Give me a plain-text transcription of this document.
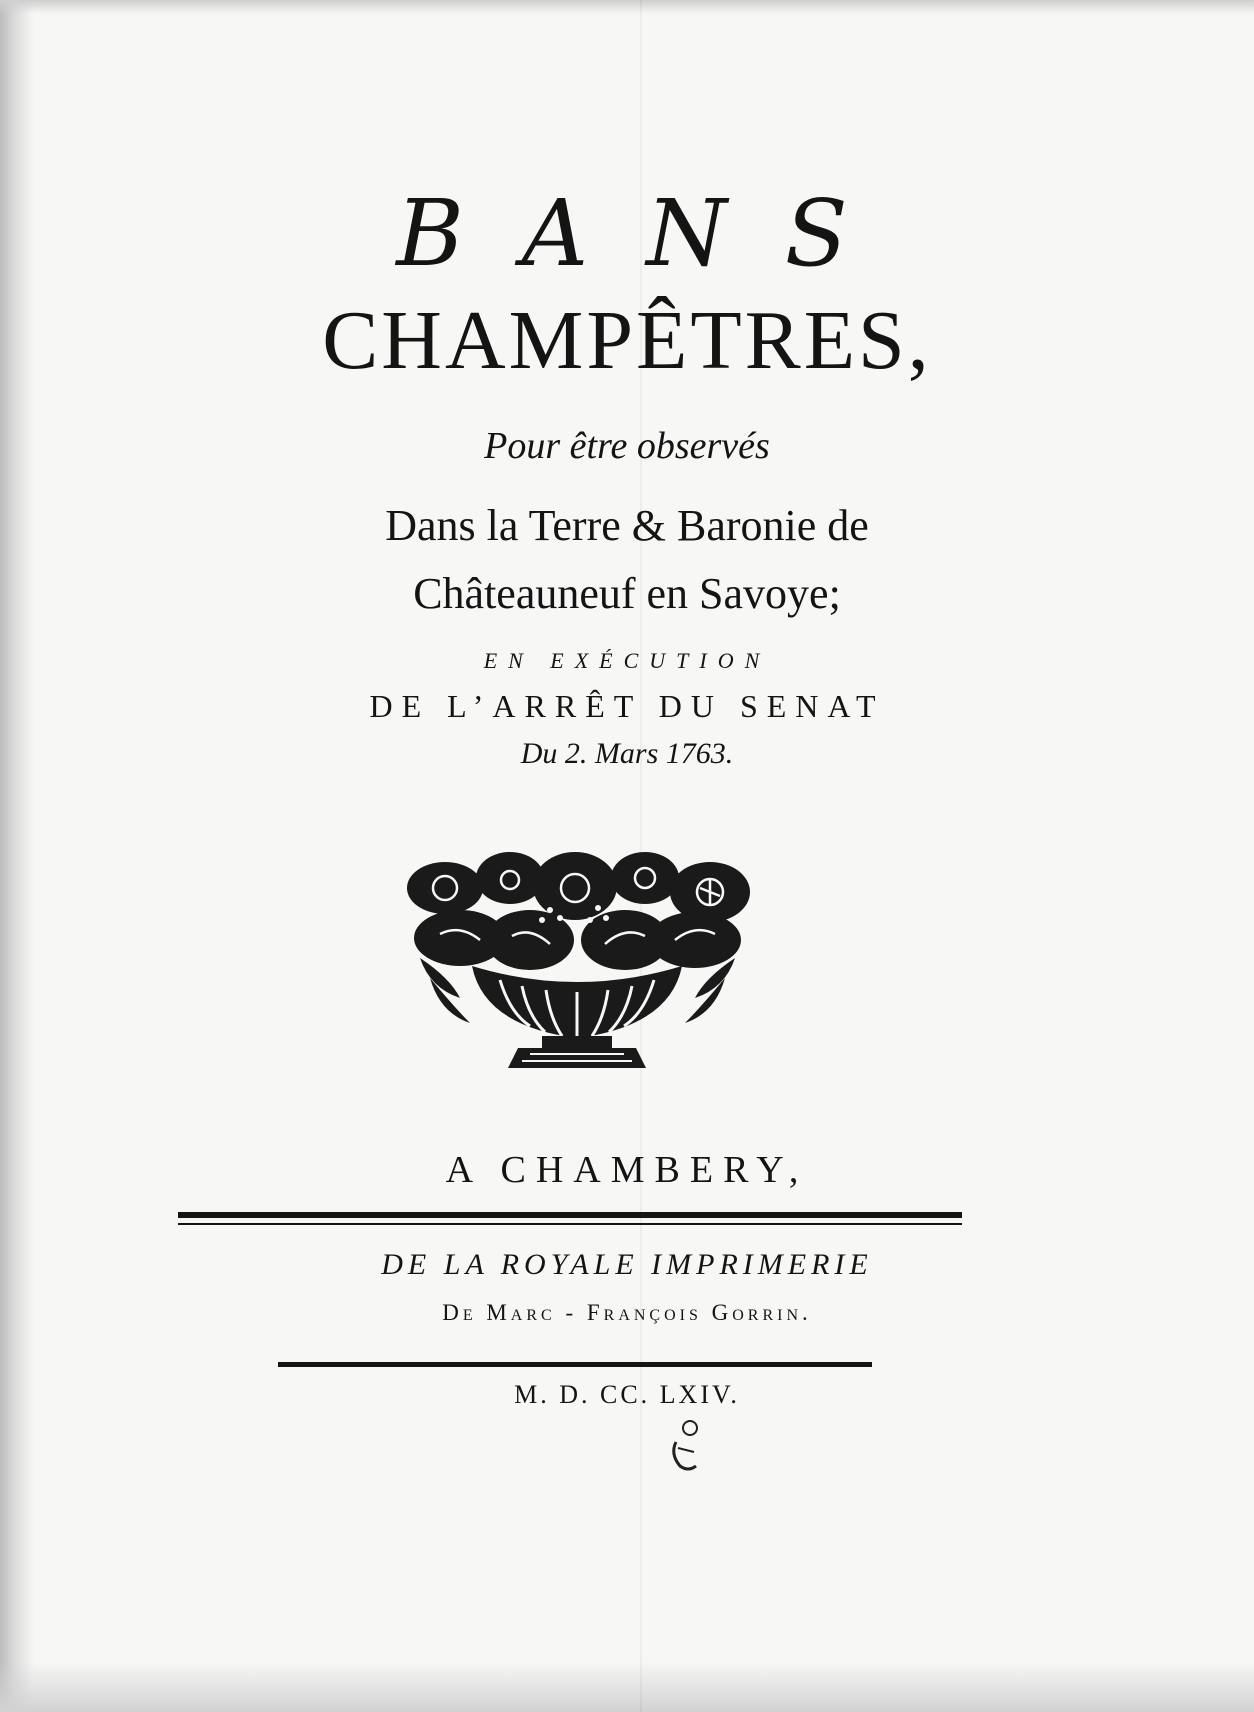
BANS
CHAMPÊTRES,
Pour être observés
Dans la Terre & Baronie de
Châteauneuf en Savoye;
EN EXÉCUTION
DE L’ARRÊT DU SENAT
Du 2. Mars 1763.
A CHAMBERY,
DE LA ROYALE IMPRIMERIE
De Marc - François Gorrin.
M. D. CC. LXIV.
